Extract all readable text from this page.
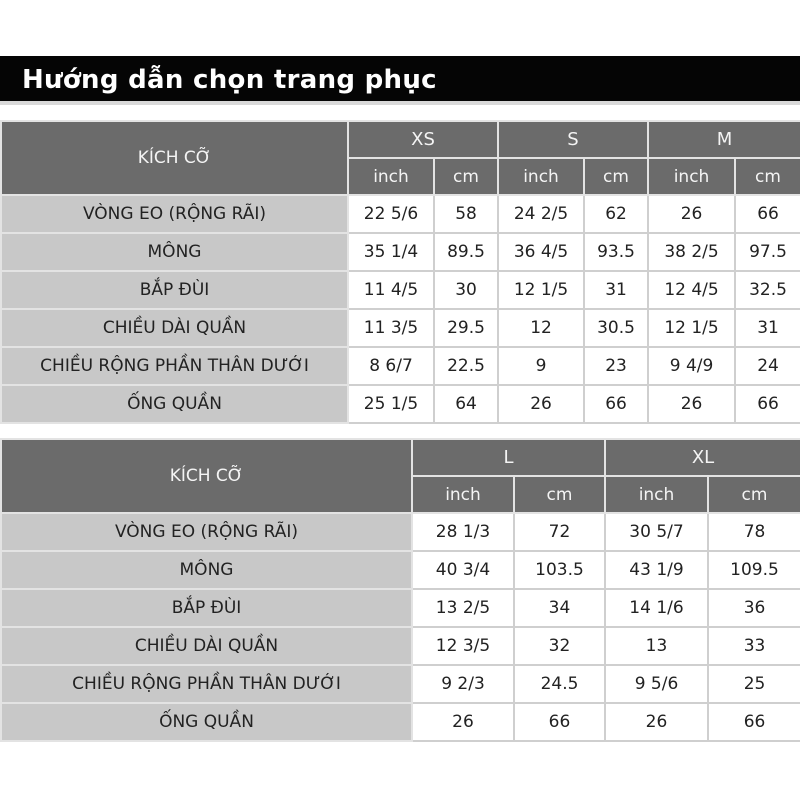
Hướng dẫn chọn trang phục
KÍCH CỠ	XS		S		M	
	inch	cm	inch	cm	inch	cm
VÒNG EO (RỘNG RÃI)	22 5/6	58	24 2/5	62	26	66
MÔNG	35 1/4	89.5	36 4/5	93.5	38 2/5	97.5
BẮP ĐÙI	11 4/5	30	12 1/5	31	12 4/5	32.5
CHIỀU DÀI QUẦN	11 3/5	29.5	12	30.5	12 1/5	31
CHIỀU RỘNG PHẦN THÂN DƯỚI	8 6/7	22.5	9	23	9 4/9	24
ỐNG QUẦN	25 1/5	64	26	66	26	66
KÍCH CỠ	L		XL	
	inch	cm	inch	cm
VÒNG EO (RỘNG RÃI)	28 1/3	72	30 5/7	78
MÔNG	40 3/4	103.5	43 1/9	109.5
BẮP ĐÙI	13 2/5	34	14 1/6	36
CHIỀU DÀI QUẦN	12 3/5	32	13	33
CHIỀU RỘNG PHẦN THÂN DƯỚI	9 2/3	24.5	9 5/6	25
ỐNG QUẦN	26	66	26	66
